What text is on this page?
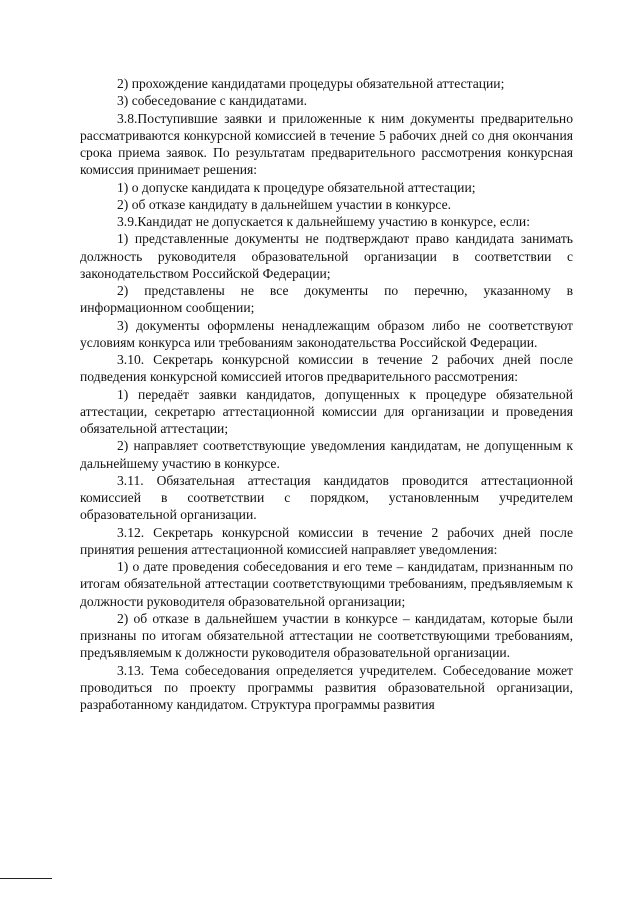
2) прохождение кандидатами процедуры обязательной аттестации;

3) собеседование с кандидатами.

3.8.Поступившие заявки и приложенные к ним документы предварительно рассматриваются конкурсной комиссией в течение 5 рабочих дней со дня окончания срока приема заявок. По результатам предварительного рассмотрения конкурсная комиссия принимает решения:

1) о допуске кандидата к процедуре обязательной аттестации;

2) об отказе кандидату в дальнейшем участии в конкурсе.

3.9.Кандидат не допускается к дальнейшему участию в конкурсе, если:

1) представленные документы не подтверждают право кандидата занимать должность руководителя образовательной организации в соответствии с законодательством Российской Федерации;

2) представлены не все документы по перечню, указанному в информационном сообщении;

3) документы оформлены ненадлежащим образом либо не соответствуют условиям конкурса или требованиям законодательства Российской Федерации.

3.10. Секретарь конкурсной комиссии в течение 2 рабочих дней после подведения конкурсной комиссией итогов предварительного рассмотрения:

1) передаёт заявки кандидатов, допущенных к процедуре обязательной аттестации, секретарю аттестационной комиссии для организации и проведения обязательной аттестации;

2) направляет соответствующие уведомления кандидатам, не допущенным к дальнейшему участию в конкурсе.

3.11. Обязательная аттестация кандидатов проводится аттестационной комиссией в соответствии с порядком, установленным учредителем образовательной организации.

3.12. Секретарь конкурсной комиссии в течение 2 рабочих дней после принятия решения аттестационной комиссией направляет уведомления:

1) о дате проведения собеседования и его теме – кандидатам, признанным по итогам обязательной аттестации соответствующими требованиям, предъявляемым к должности руководителя образовательной организации;

2) об отказе в дальнейшем участии в конкурсе – кандидатам, которые были признаны по итогам обязательной аттестации не соответствующими требованиям, предъявляемым к должности руководителя образовательной организации.

3.13. Тема собеседования определяется учредителем. Собеседование может проводиться по проекту программы развития образовательной организации, разработанному кандидатом. Структура программы развития
